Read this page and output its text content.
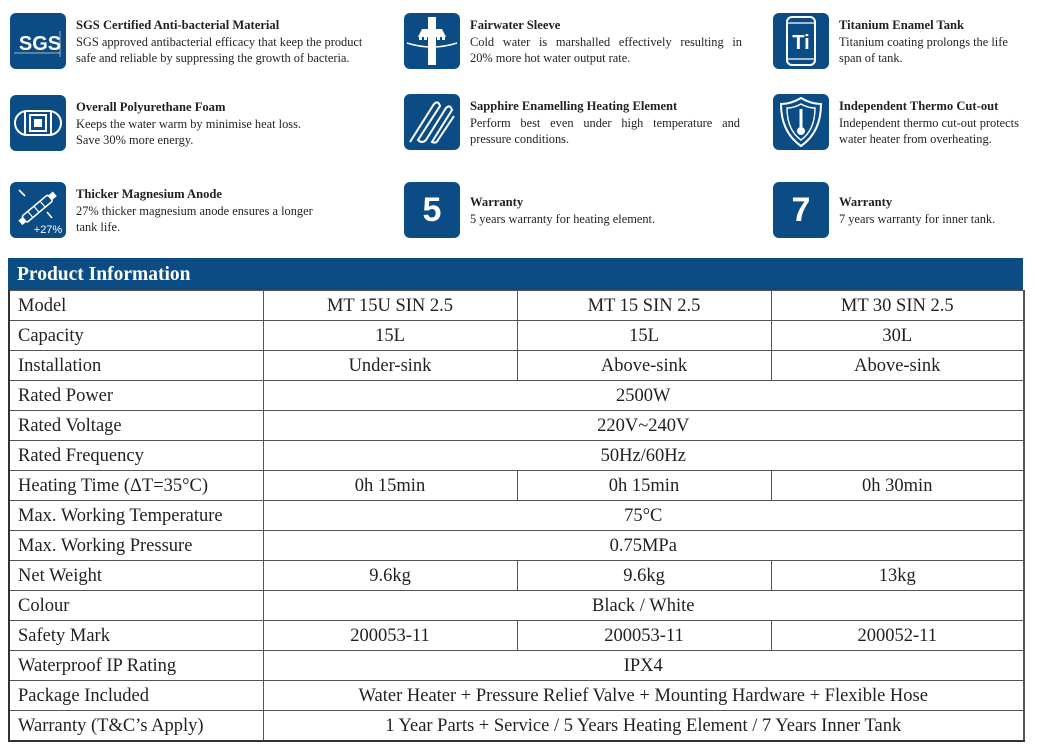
SGS
SGS Certified Anti-bacterial Material
SGS approved antibacterial efficacy that keep the product
safe and reliable by suppressing the growth of bacteria.
Fairwater Sleeve
Cold water is marshalled effectively resulting in
20% more hot water output rate.
Ti
Titanium Enamel Tank
Titanium coating prolongs the life
span of tank.
Overall Polyurethane Foam
Keeps the water warm by minimise heat loss.
Save 30% more energy.
Sapphire Enamelling Heating Element
Perform best even under high temperature and
pressure conditions.
Independent Thermo Cut-out
Independent thermo cut-out protects
water heater from overheating.
+27%
Thicker Magnesium Anode
27% thicker magnesium anode ensures a longer
tank life.	5 Warranty
5 years warranty for heating element.	7 Warranty
7 years warranty for inner tank.
Product Information
Model	MT 15U SIN 2.5	MT 15 SIN 2.5	MT 30 SIN 2.5
Capacity	15L	15L	30L
Installation	Under-sink	Above-sink	Above-sink
Rated Power	2500W		
Rated Voltage	220V~240V		
Rated Frequency	50Hz/60Hz		
Heating Time (ΔT=35°C)	0h 15min	0h 15min	0h 30min
Max. Working Temperature	75°C		
Max. Working Pressure	0.75MPa		
Net Weight	9.6kg	9.6kg	13kg
Colour	Black / White		
Safety Mark	200053-11	200053-11	200052-11
Waterproof IP Rating	IPX4		
Package Included	Water Heater + Pressure Relief Valve + Mounting Hardware + Flexible Hose		
Warranty (T&C’s Apply)	1 Year Parts + Service / 5 Years Heating Element / 7 Years Inner Tank		
